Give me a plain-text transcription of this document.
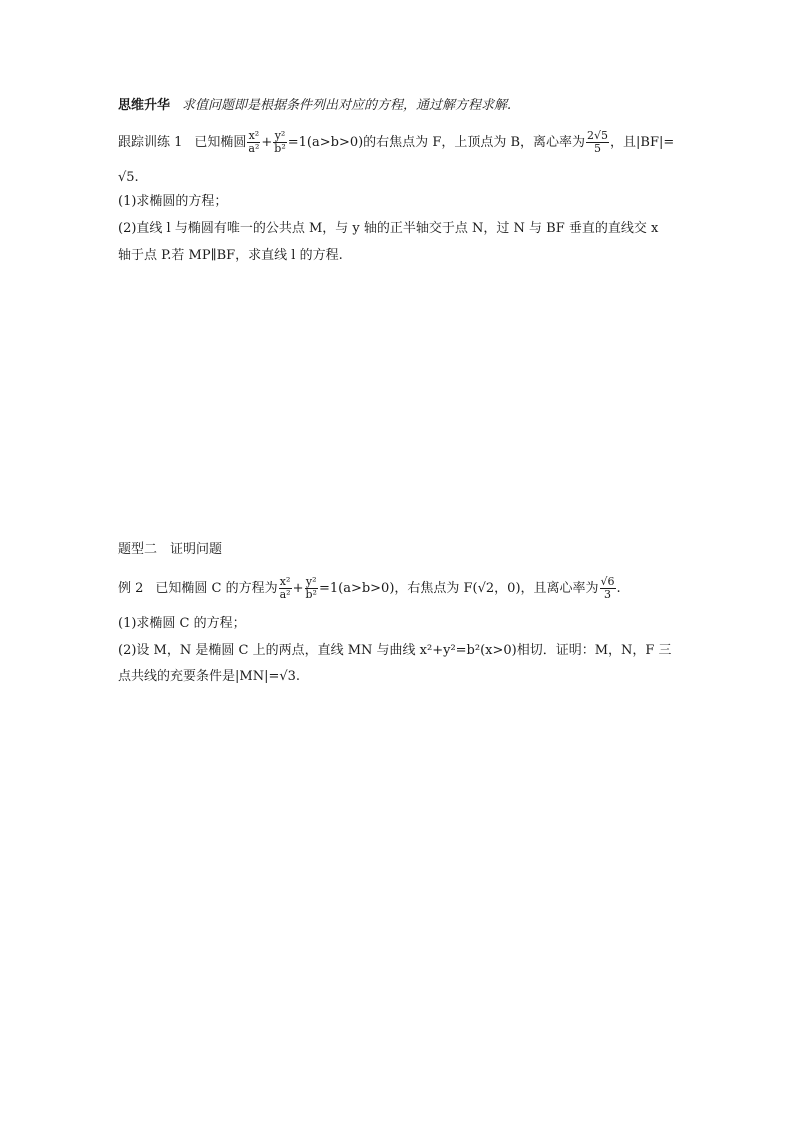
思维升华 求值问题即是根据条件列出对应的方程，通过解方程求解.
跟踪训练 1 已知椭圆 $\frac{\text{x²}}{\text{a²}} + \frac{\text{y²}}{\text{b²}} =1(a>b>0)$的右焦点为 F，上顶点为 B，离心率为 $\frac{2√5}{5}$ ，且|BF|=
√5.
(1)求椭圆的方程；
(2)直线 l 与椭圆有唯一的公共点 M，与 y 轴的正半轴交于点 N，过 N 与 BF 垂直的直线交 x
轴于点 P.若 MP∥BF，求直线 l 的方程.
题型二　证明问题
例 2 已知椭圆 C 的方程为 $\frac{\text{x²}}{\text{a²}} + \frac{\text{y²}}{\text{b²}} =1(a>b>0)$，右焦点为 F(√2，0)，且离心率为 $\frac{√6}{3}$ .
(1)求椭圆 C 的方程；
(2)设 M，N 是椭圆 C 上的两点，直线 MN 与曲线 x²+y²=b²(x>0)相切．证明：M，N，F 三
点共线的充要条件是|MN|=√3.
